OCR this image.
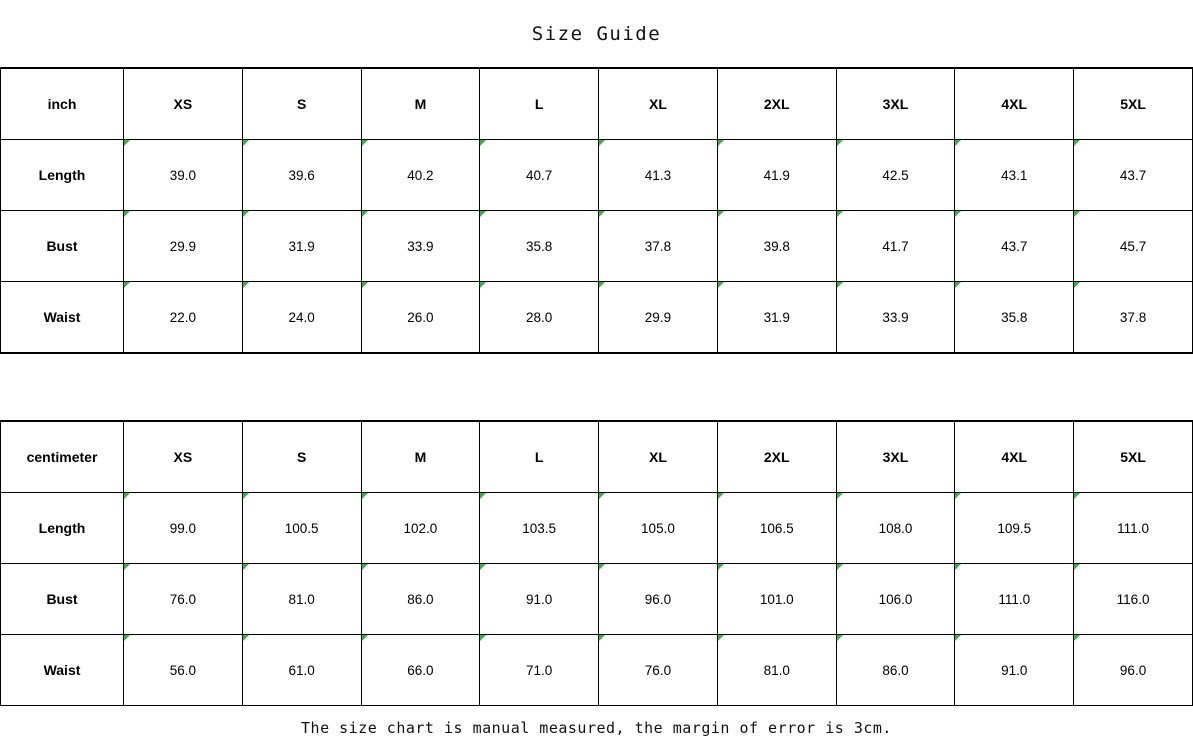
Size Guide
inch	XS	S	M	L	XL	2XL	3XL	4XL	5XL
Length	39.0	39.6	40.2	40.7	41.3	41.9	42.5	43.1	43.7
Bust	29.9	31.9	33.9	35.8	37.8	39.8	41.7	43.7	45.7
Waist	22.0	24.0	26.0	28.0	29.9	31.9	33.9	35.8	37.8
centimeter	XS	S	M	L	XL	2XL	3XL	4XL	5XL
Length	99.0	100.5	102.0	103.5	105.0	106.5	108.0	109.5	111.0
Bust	76.0	81.0	86.0	91.0	96.0	101.0	106.0	111.0	116.0
Waist	56.0	61.0	66.0	71.0	76.0	81.0	86.0	91.0	96.0
The size chart is manual measured, the margin of error is 3cm.
